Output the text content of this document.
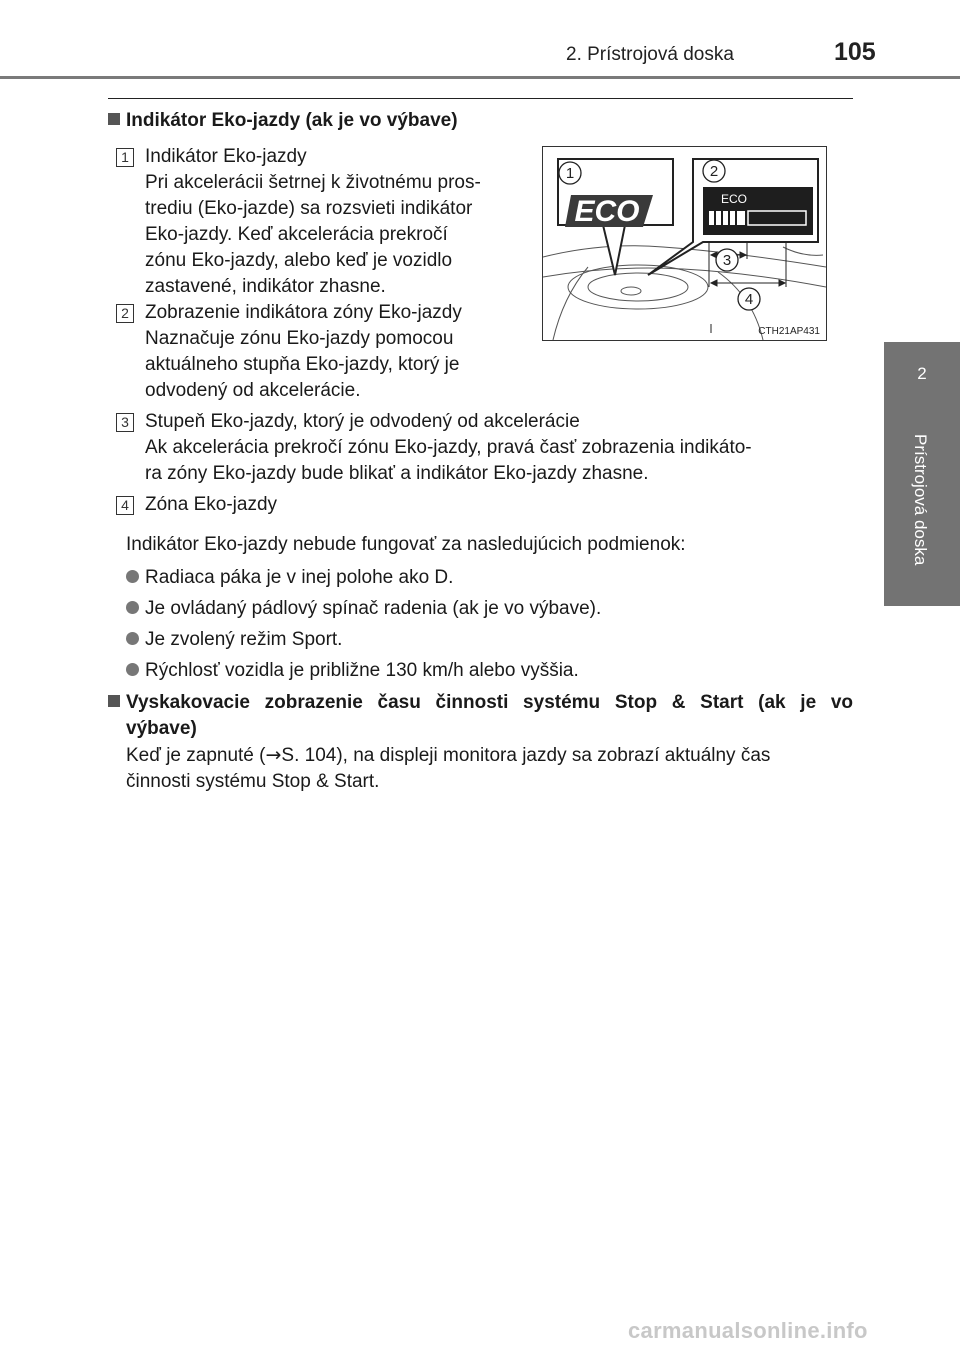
2. Prístrojová doska	105
2
Prístrojová doska
Indikátor Eko-jazdy (ak je vo výbave)
1 Indikátor Eko-jazdy
Pri akcelerácii šetrnej k životnému pros-
trediu (Eko-jazde) sa rozsvieti indikátor
Eko-jazdy. Keď akcelerácia prekročí
zónu Eko-jazdy, alebo keď je vozidlo
zastavené, indikátor zhasne.
2 Zobrazenie indikátora zóny Eko-jazdy
Naznačuje zónu Eko-jazdy pomocou
aktuálneho stupňa Eko-jazdy, ktorý je
odvodený od akcelerácie.
ECO	ECO
1	2
3
4
CTH21AP431
3 Stupeň Eko-jazdy, ktorý je odvodený od akcelerácie
Ak akcelerácia prekročí zónu Eko-jazdy, pravá časť zobrazenia indikáto-
ra zóny Eko-jazdy bude blikať a indikátor Eko-jazdy zhasne.
4 Zóna Eko-jazdy
Indikátor Eko-jazdy nebude fungovať za nasledujúcich podmienok:
Radiaca páka je v inej polohe ako D.
Je ovládaný pádlový spínač radenia (ak je vo výbave).
Je zvolený režim Sport.
Rýchlosť vozidla je približne 130 km/h alebo vyššia.
Vyskakovacie zobrazenie času činnosti systému Stop & Start (ak je vo
výbave)
Keď je zapnuté (→S. 104), na displeji monitora jazdy sa zobrazí aktuálny čas
činnosti systému Stop & Start.
carmanualsonline.info
